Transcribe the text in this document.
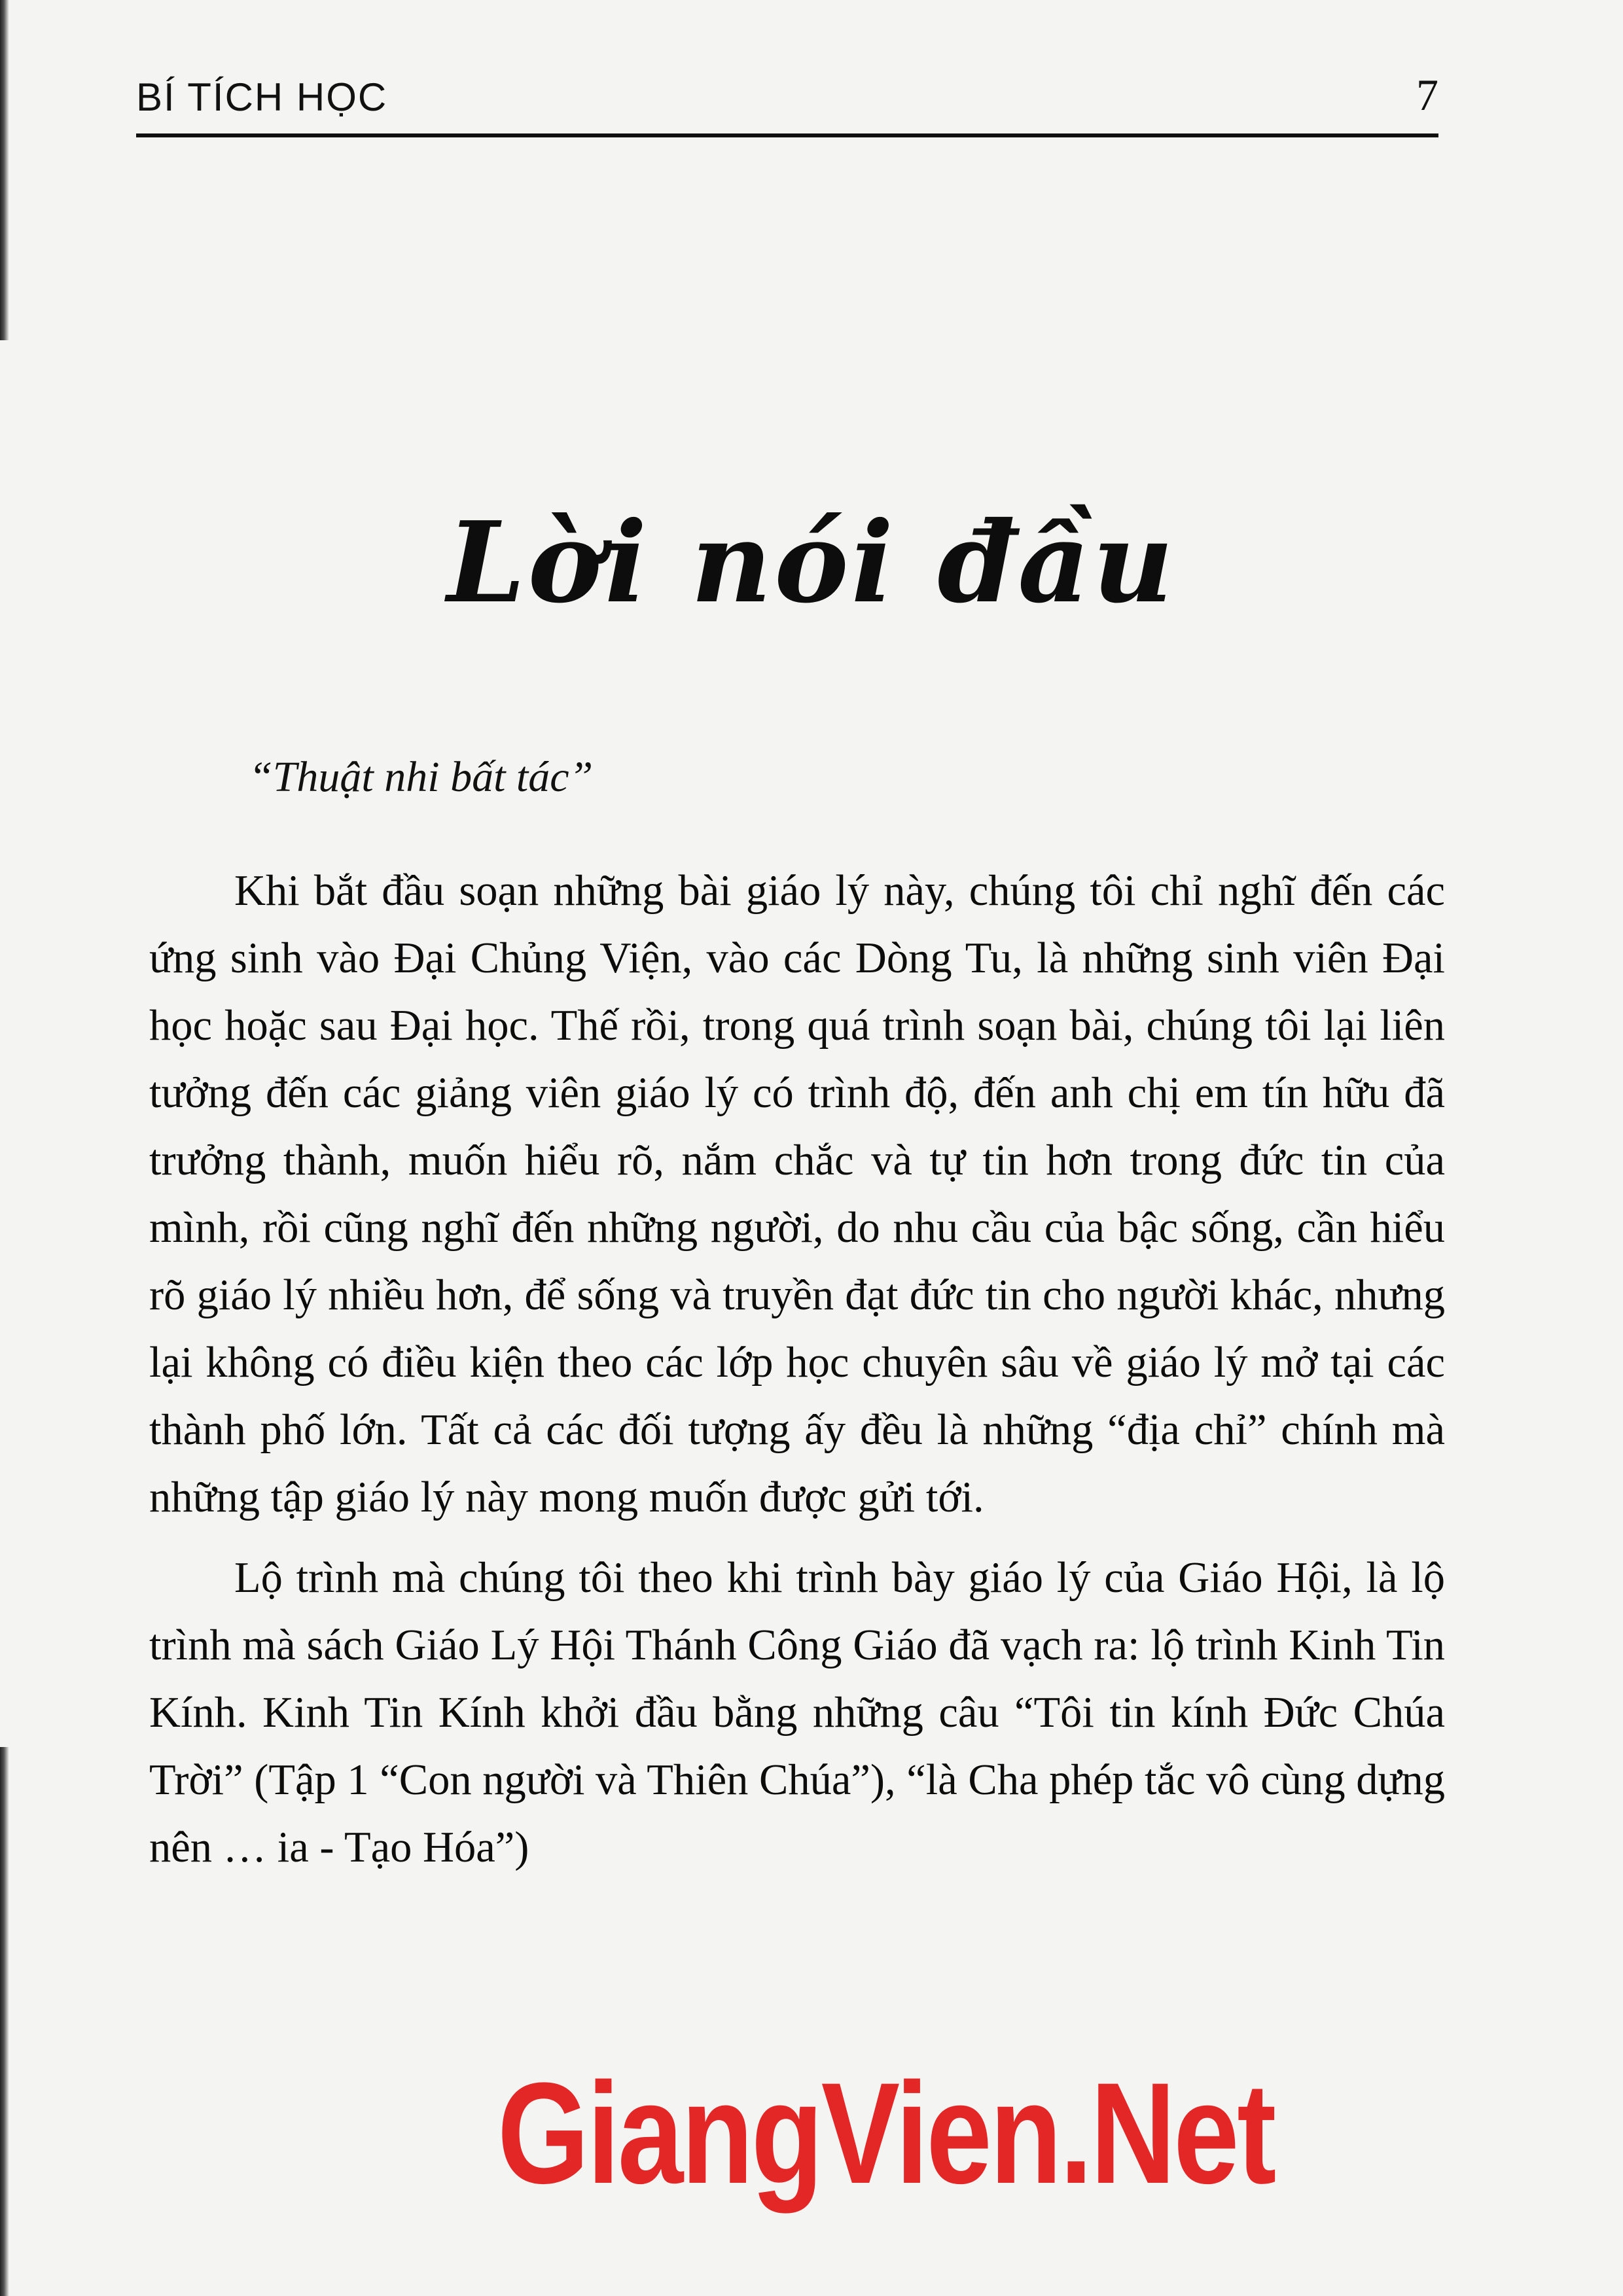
BÍ TÍCH HỌC	7
Lời nói đầu
“Thuật nhi bất tác”

Khi bắt đầu soạn những bài giáo lý này, chúng tôi chỉ nghĩ đến các ứng sinh vào Đại Chủng Viện, vào các Dòng Tu, là những sinh viên Đại học hoặc sau Đại học. Thế rồi, trong quá trình soạn bài, chúng tôi lại liên tưởng đến các giảng viên giáo lý có trình độ, đến anh chị em tín hữu đã trưởng thành, muốn hiểu rõ, nắm chắc và tự tin hơn trong đức tin của mình, rồi cũng nghĩ đến những người, do nhu cầu của bậc sống, cần hiểu rõ giáo lý nhiều hơn, để sống và truyền đạt đức tin cho người khác, nhưng lại không có điều kiện theo các lớp học chuyên sâu về giáo lý mở tại các thành phố lớn. Tất cả các đối tượng ấy đều là những “địa chỉ” chính mà những tập giáo lý này mong muốn được gửi tới.

Lộ trình mà chúng tôi theo khi trình bày giáo lý của Giáo Hội, là lộ trình mà sách Giáo Lý Hội Thánh Công Giáo đã vạch ra: lộ trình Kinh Tin Kính. Kinh Tin Kính khởi đầu bằng những câu “Tôi tin kính Đức Chúa Trời” (Tập 1 “Con người và Thiên Chúa”), “là Cha phép tắc vô cùng dựng nên … ia - Tạo Hóa”)

GiangVien.Net
